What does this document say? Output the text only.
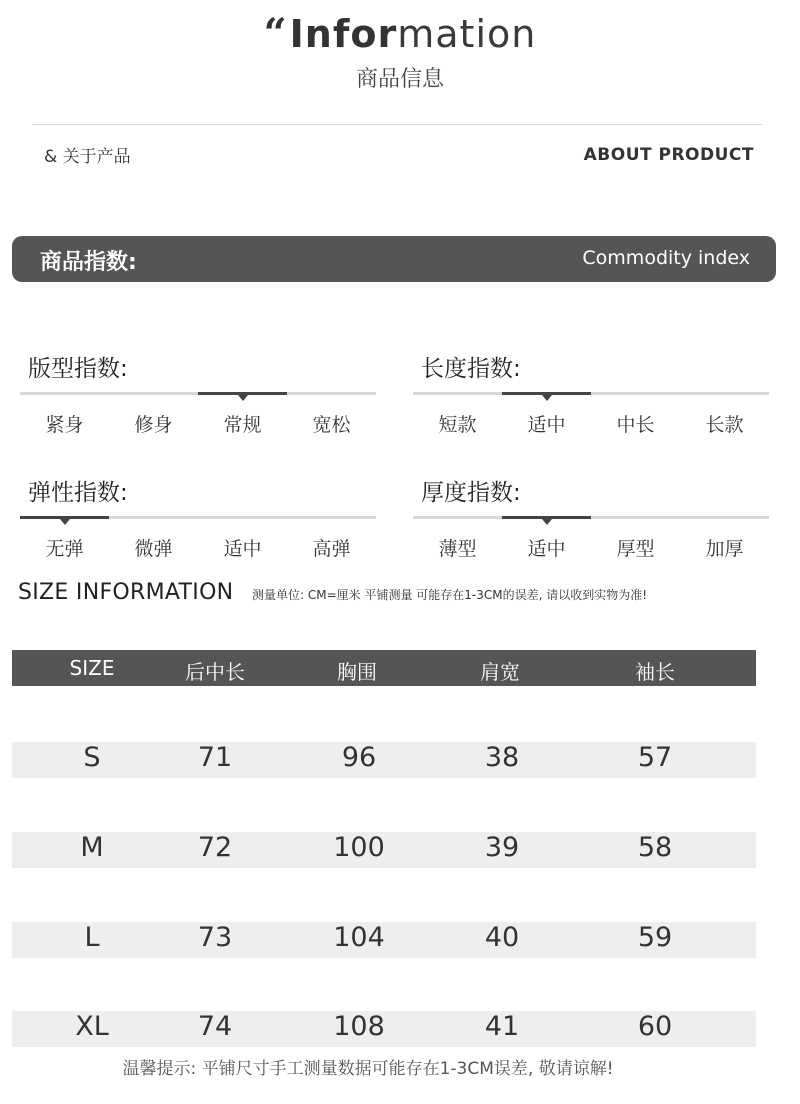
“Information
商品信息
& 关于产品	ABOUT PRODUCT
商品指数:	Commodity index
版型指数:
紧身	修身	常规	宽松
长度指数:
短款	适中	中长	长款
弹性指数:
无弹	微弹	适中	高弹
厚度指数:
薄型	适中	厚型	加厚
SIZE INFORMATION 测量单位: CM=厘米 平铺测量 可能存在1-3CM的误差, 请以收到实物为准!
SIZE	后中长	胸围	肩宽	袖长
S	71	96	38	57
M	72	100	39	58
L	73	104	40	59
XL	74	108	41	60
温馨提示: 平铺尺寸手工测量数据可能存在1-3CM误差, 敬请谅解!
